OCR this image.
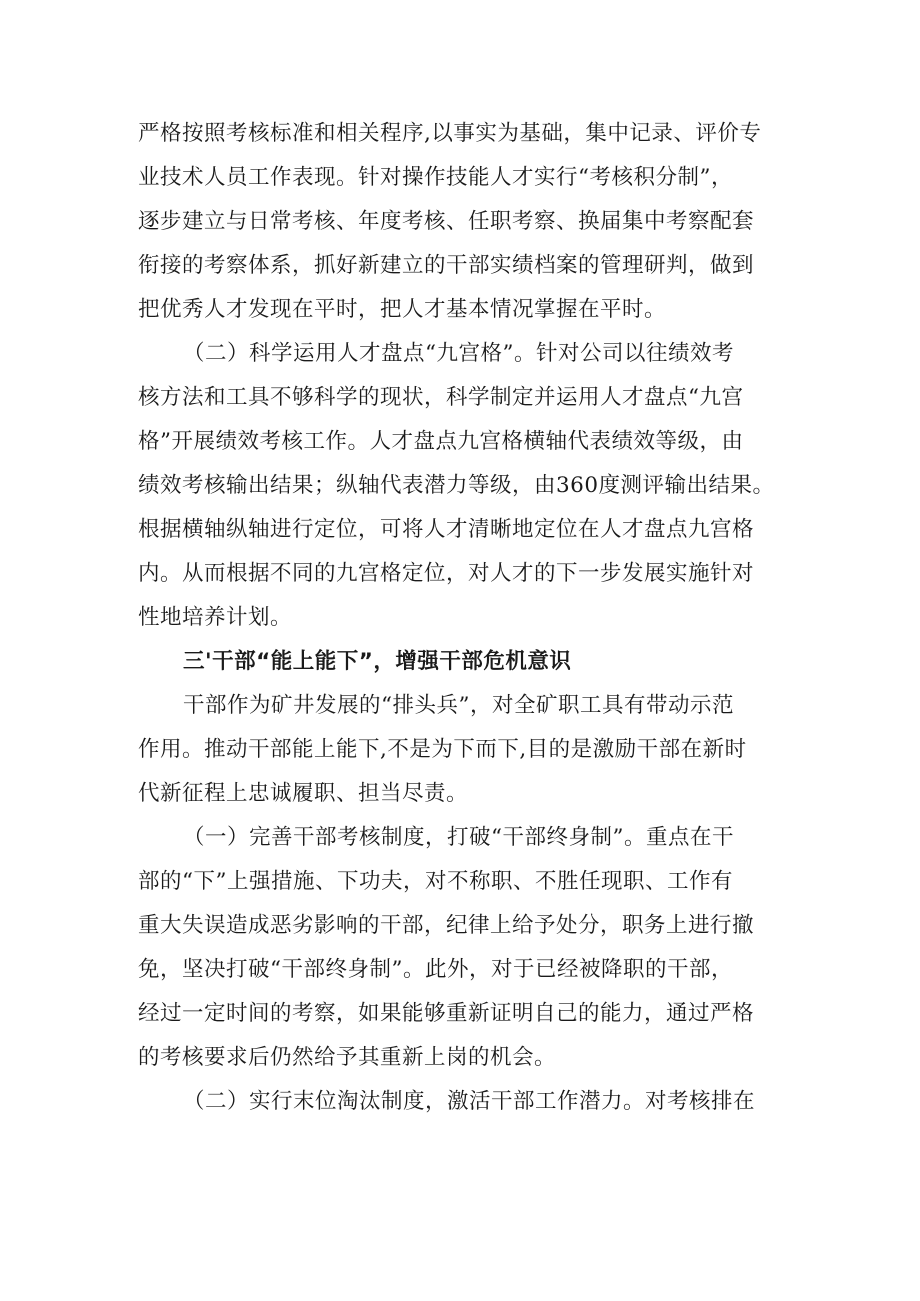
严格按照考核标准和相关程序,以事实为基础，集中记录、评价专
业技术人员工作表现。针对操作技能人才实行“考核积分制”，
逐步建立与日常考核、年度考核、任职考察、换届集中考察配套
衔接的考察体系，抓好新建立的干部实绩档案的管理研判，做到
把优秀人才发现在平时，把人才基本情况掌握在平时。
（二）科学运用人才盘点“九宫格”。针对公司以往绩效考
核方法和工具不够科学的现状，科学制定并运用人才盘点“九宫
格”开展绩效考核工作。人才盘点九宫格横轴代表绩效等级，由
绩效考核输出结果；纵轴代表潜力等级，由360度测评输出结果。
根据横轴纵轴进行定位，可将人才清晰地定位在人才盘点九宫格
内。从而根据不同的九宫格定位，对人才的下一步发展实施针对
性地培养计划。
三'干部“能上能下”，增强干部危机意识
干部作为矿井发展的“排头兵”，对全矿职工具有带动示范
作用。推动干部能上能下,不是为下而下,目的是激励干部在新时
代新征程上忠诚履职、担当尽责。
（一）完善干部考核制度，打破“干部终身制”。重点在干
部的“下”上强措施、下功夫，对不称职、不胜任现职、工作有
重大失误造成恶劣影响的干部，纪律上给予处分，职务上进行撤
免，坚决打破“干部终身制”。此外，对于已经被降职的干部，
经过一定时间的考察，如果能够重新证明自己的能力，通过严格
的考核要求后仍然给予其重新上岗的机会。
（二）实行末位淘汰制度，激活干部工作潜力。对考核排在
